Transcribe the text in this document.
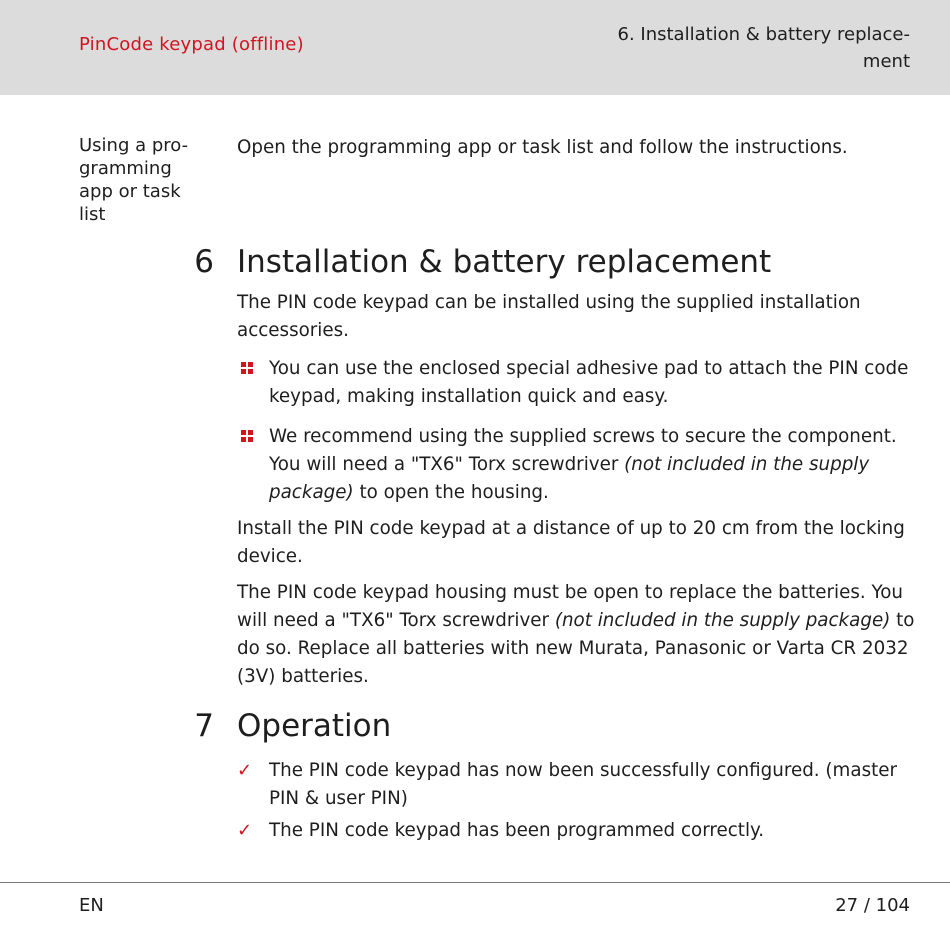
PinCode keypad (offline)	6. Installation & battery replace-
ment
Using a pro- gramming app or task list
Open the programming app or task list and follow the instructions.
6 Installation & battery replacement
The PIN code keypad can be installed using the supplied installation accessories.
You can use the enclosed special adhesive pad to attach the PIN code keypad, making installation quick and easy.
We recommend using the supplied screws to secure the component. You will need a "TX6" Torx screwdriver (not included in the supply package) to open the housing.
Install the PIN code keypad at a distance of up to 20 cm from the locking device.
The PIN code keypad housing must be open to replace the batteries. You will need a "TX6" Torx screwdriver (not included in the supply package) to do so. Replace all batteries with new Murata, Panasonic or Varta CR 2032 (3V) batteries.
7 Operation
✓ The PIN code keypad has now been successfully configured. (master PIN & user PIN)
✓ The PIN code keypad has been programmed correctly.
EN	27 / 104
